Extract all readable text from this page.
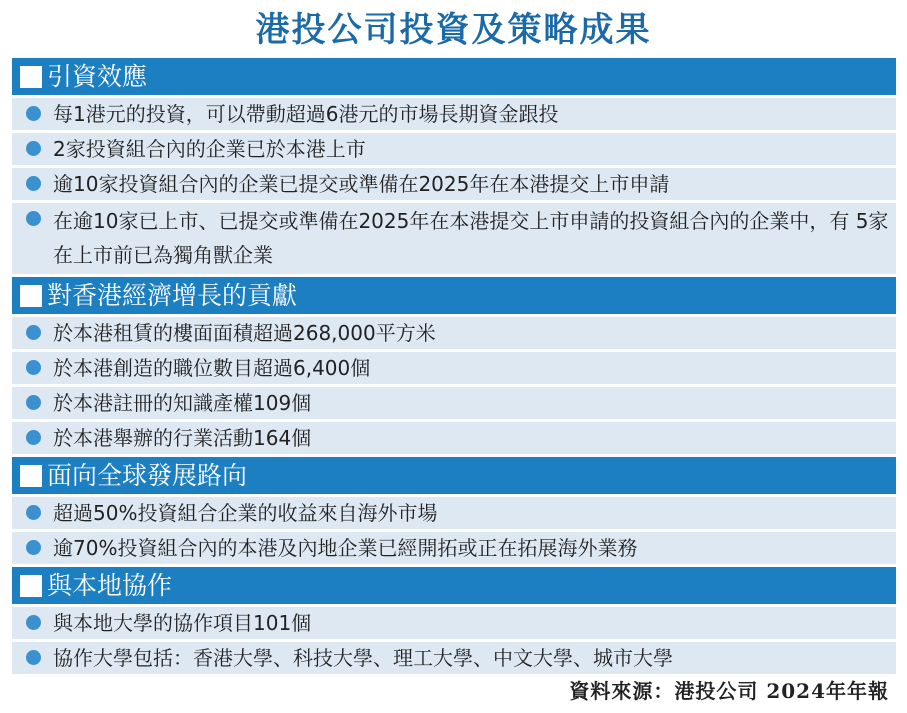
港投公司投資及策略成果
引資效應
每1港元的投資，可以帶動超過6港元的市場長期資金跟投
2家投資組合內的企業已於本港上市
逾10家投資組合內的企業已提交或準備在2025年在本港提交上市申請
在逾10家已上市、已提交或準備在2025年在本港提交上市申請的投資組合內的企業中，有 5家在上市前已為獨角獸企業
對香港經濟增長的貢獻
於本港租賃的樓面面積超過268,000平方米
於本港創造的職位數目超過6,400個
於本港註冊的知識產權109個
於本港舉辦的行業活動164個
面向全球發展路向
超過50%投資組合企業的收益來自海外市場
逾70%投資組合內的本港及內地企業已經開拓或正在拓展海外業務
與本地協作
與本地大學的協作項目101個
協作大學包括：香港大學、科技大學、理工大學、中文大學、城市大學
資料來源：港投公司 2024年年報
